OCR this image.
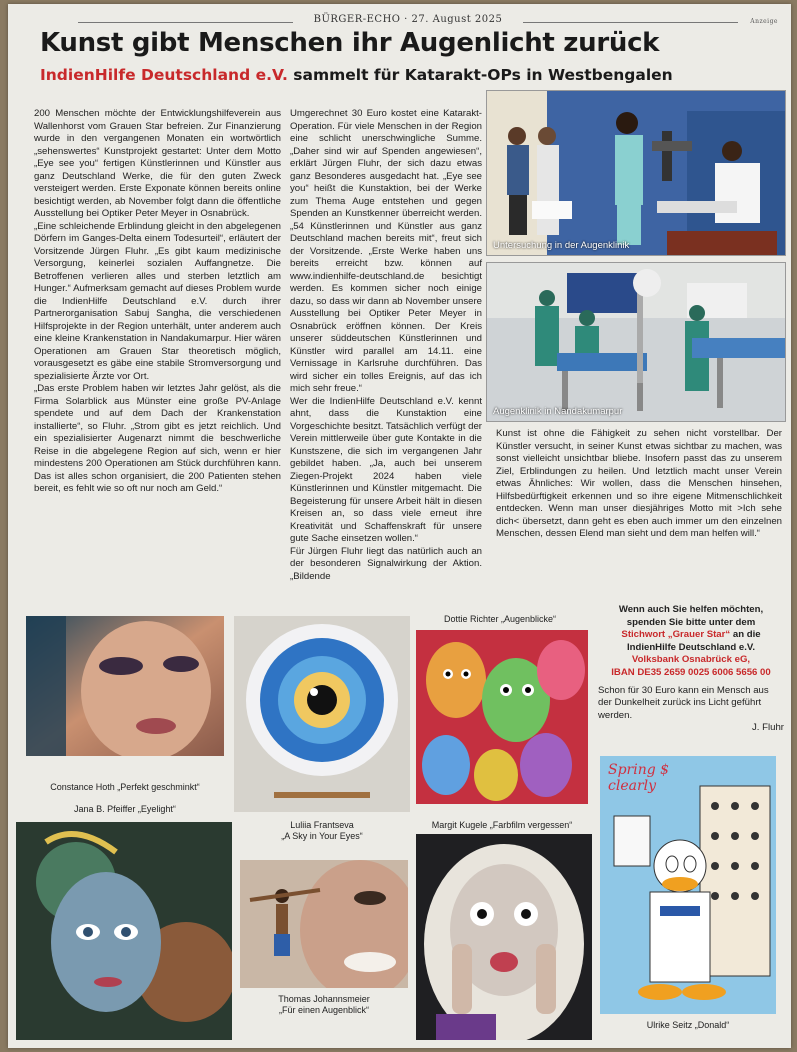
BÜRGER-ECHO · 27. August 2025	Anzeige
Kunst gibt Menschen ihr Augenlicht zurück
IndienHilfe Deutschland e.V. sammelt für Katarakt-OPs in Westbengalen

200 Menschen möchte der Entwicklungshilfeverein aus Wallenhorst vom Grauen Star befreien. Zur Finanzierung wurde in den vergangenen Monaten ein wortwörtlich „sehenswertes“ Kunstprojekt gestartet: Unter dem Motto „Eye see you“ fertigen Künstlerinnen und Künstler aus ganz Deutschland Werke, die für den guten Zweck versteigert werden. Erste Exponate können bereits online besichtigt werden, ab November folgt dann die öffentliche Ausstellung bei Optiker Peter Meyer in Osnabrück.

„Eine schleichende Erblindung gleicht in den abgelegenen Dörfern im Ganges-Delta einem Todesurteil“, erläutert der Vorsitzende Jürgen Fluhr. „Es gibt kaum medizinische Versorgung, keinerlei sozialen Auffangnetze. Die Betroffenen verlieren alles und sterben letztlich am Hunger.“ Aufmerksam gemacht auf dieses Problem wurde die IndienHilfe Deutschland e.V. durch ihrer Partnerorganisation Sabuj Sangha, die verschiedenen Hilfsprojekte in der Region unterhält, unter anderem auch eine kleine Krankenstation in Nandakumarpur. Hier wären Operationen am Grauen Star theoretisch möglich, vorausgesetzt es gäbe eine stabile Stromversorgung und spezialisierte Ärzte vor Ort.

„Das erste Problem haben wir letztes Jahr gelöst, als die Firma Solarblick aus Münster eine große PV-Anlage spendete und auf dem Dach der Krankenstation installierte“, so Fluhr. „Strom gibt es jetzt reichlich. Und ein spezialisierter Augenarzt nimmt die beschwerliche Reise in die abgelegene Region auf sich, wenn er hier mindestens 200 Operationen am Stück durchführen kann. Das ist alles schon organisiert, die 200 Patienten stehen bereit, es fehlt wie so oft nur noch am Geld.“

Umgerechnet 30 Euro kostet eine Katarakt-Operation. Für viele Menschen in der Region eine schlicht unerschwingliche Summe. „Daher sind wir auf Spenden angewiesen“, erklärt Jürgen Fluhr, der sich dazu etwas ganz Besonderes ausgedacht hat. „Eye see you“ heißt die Kunstaktion, bei der Werke zum Thema Auge entstehen und gegen Spenden an Kunstkenner überreicht werden. „54 Künstlerinnen und Künstler aus ganz Deutschland machen bereits mit“, freut sich der Vorsitzende. „Erste Werke haben uns bereits erreicht bzw. können auf www.indienhilfe-deutschland.de besichtigt werden. Es kommen sicher noch einige dazu, so dass wir dann ab November unsere Ausstellung bei Optiker Peter Meyer in Osnabrück eröffnen können. Der Kreis unserer süddeutschen Künstlerinnen und Künstler wird parallel am 14.11. eine Vernissage in Karlsruhe durchführen. Das wird sicher ein tolles Ereignis, auf das ich mich sehr freue.“

Wer die IndienHilfe Deutschland e.V. kennt ahnt, dass die Kunstaktion eine Vorgeschichte besitzt. Tatsächlich verfügt der Verein mittlerweile über gute Kontakte in die Kunstszene, die sich im vergangenen Jahr gebildet haben. „Ja, auch bei unserem Ziegen-Projekt 2024 haben viele Künstlerinnen und Künstler mitgemacht. Die Begeisterung für unsere Arbeit hält in diesen Kreisen an, so dass viele erneut ihre Kreativität und Schaffenskraft für unsere gute Sache einsetzen wollen.“

Für Jürgen Fluhr liegt das natürlich auch an der besonderen Signalwirkung der Aktion. „Bildende

Untersuchung in der Augenklinik
Augenklinik in Nandakumarpur

Kunst ist ohne die Fähigkeit zu sehen nicht vorstellbar. Der Künstler versucht, in seiner Kunst etwas sichtbar zu machen, was sonst vielleicht unsichtbar bliebe. Insofern passt das zu unserem Ziel, Erblindungen zu heilen. Und letztlich macht unser Verein etwas Ähnliches: Wir wollen, dass die Menschen hinsehen, Hilfsbedürftigkeit erkennen und so ihre eigene Mitmenschlichkeit entdecken. Wenn man unser diesjähriges Motto mit >Ich sehe dich< übersetzt, dann geht es eben auch immer um den einzelnen Menschen, dessen Elend man sieht und dem man helfen will.“

Wenn auch Sie helfen möchten,
spenden Sie bitte unter dem
Stichwort „Grauer Star“ an die
IndienHilfe Deutschland e.V.
Volksbank Osnabrück eG,
IBAN DE35 2659 0025 6006 5656 00
Schon für 30 Euro kann ein Mensch aus der Dunkelheit zurück ins Licht geführt werden.
J. Fluhr
Constance Hoth „Perfekt geschminkt“
Luliia Frantseva
„A Sky in Your Eyes“
Dottie Richter „Augenblicke“
Jana B. Pfeiffer „Eyelight“
Thomas Johannsmeier
„Für einen Augenblick“
Margit Kugele „Farbfilm vergessen“
Spring $ clearly
Ulrike Seitz „Donald“
